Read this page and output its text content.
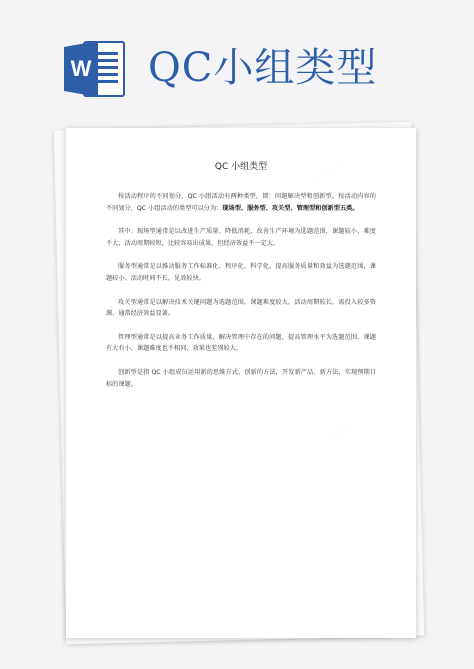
W QC小组类型
· · · · · · ·
· · · · · · ·
QC 小组类型

按活动程序的不同划分，QC 小组活动有两种类型，即：问题解决型和创新型。按活动内容的不同划分，QC 小组活动的类型可以分为：现场型、服务型、攻关型、管理型和创新型五类。

其中：现场型通常是以改进生产质量、降低消耗、改善生产环境为选题范围，课题较小、难度不大，活动周期较短，比较容易出成果，但经济效益不一定大。

服务型通常是以推动服务工作标准化、程序化、科学化，提高服务质量和效益为选题范围，课题较小、活动时间不长，见效较快。

攻关型通常是以解决技术关键问题为选题范围，课题难度较大，活动周期较长，需投入较多资源，通常经济效益显著。

管理型通常是以提高业务工作质量、解决管理中存在的问题、提高管理水平为选题范围，课题有大有小，课题难度也不相同，效果也差别较大。

创新型是指 QC 小组成员运用新的思维方式、创新的方法，开发新产品、新方法，实现预期目标的课题。
